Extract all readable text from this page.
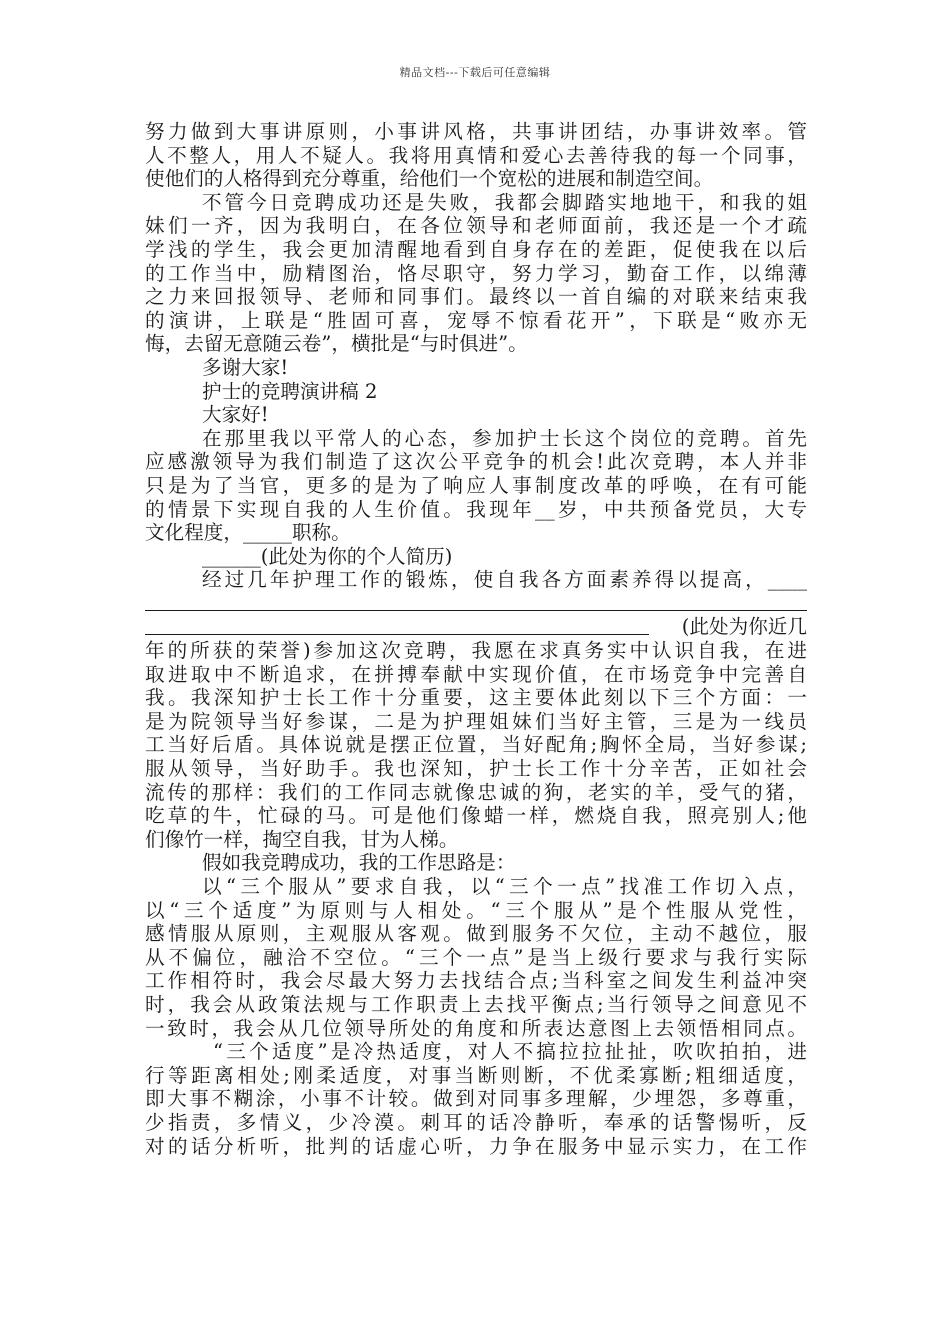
精品文档---下载后可任意编辑
努力做到大事讲原则，小事讲风格，共事讲团结，办事讲效率。管
人不整人，用人不疑人。我将用真情和爱心去善待我的每一个同事，
使他们的人格得到充分尊重，给他们一个宽松的进展和制造空间。
不管今日竞聘成功还是失败，我都会脚踏实地地干，和我的姐
妹们一齐，因为我明白，在各位领导和老师面前，我还是一个才疏
学浅的学生，我会更加清醒地看到自身存在的差距，促使我在以后
的工作当中，励精图治，恪尽职守，努力学习，勤奋工作，以绵薄
之力来回报领导、老师和同事们。最终以一首自编的对联来结束我
的演讲，上联是“胜固可喜，宠辱不惊看花开”，下联是“败亦无
悔，去留无意随云卷”，横批是“与时俱进”。
多谢大家!
护士的竞聘演讲稿 2
大家好!
在那里我以平常人的心态，参加护士长这个岗位的竞聘。首先
应感激领导为我们制造了这次公平竞争的机会!此次竞聘，本人并非
只是为了当官，更多的是为了响应人事制度改革的呼唤，在有可能
的情景下实现自我的人生价值。我现年__岁，中共预备党员，大专
文化程度，_____职称。
______(此处为你的个人简历)
经过几年护理工作的锻炼，使自我各方面素养得以提高，____
(此处为你近几
年的所获的荣誉)参加这次竞聘，我愿在求真务实中认识自我，在进
取进取中不断追求，在拼搏奉献中实现价值，在市场竞争中完善自
我。我深知护士长工作十分重要，这主要体此刻以下三个方面：一
是为院领导当好参谋，二是为护理姐妹们当好主管，三是为一线员
工当好后盾。具体说就是摆正位置，当好配角;胸怀全局，当好参谋;
服从领导，当好助手。我也深知，护士长工作十分辛苦，正如社会
流传的那样：我们的工作同志就像忠诚的狗，老实的羊，受气的猪，
吃草的牛，忙碌的马。可是他们像蜡一样，燃烧自我，照亮别人;他
们像竹一样，掏空自我，甘为人梯。
假如我竞聘成功，我的工作思路是：
以“三个服从”要求自我，以“三个一点”找准工作切入点，
以“三个适度”为原则与人相处。“三个服从”是个性服从党性，
感情服从原则，主观服从客观。做到服务不欠位，主动不越位，服
从不偏位，融洽不空位。“三个一点”是当上级行要求与我行实际
工作相符时，我会尽最大努力去找结合点;当科室之间发生利益冲突
时，我会从政策法规与工作职责上去找平衡点;当行领导之间意见不
一致时，我会从几位领导所处的角度和所表达意图上去领悟相同点。
“三个适度”是冷热适度，对人不搞拉拉扯扯，吹吹拍拍，进
行等距离相处;刚柔适度，对事当断则断，不优柔寡断;粗细适度，
即大事不糊涂，小事不计较。做到对同事多理解，少埋怨，多尊重，
少指责，多情义，少冷漠。刺耳的话冷静听，奉承的话警惕听，反
对的话分析听，批判的话虚心听，力争在服务中显示实力，在工作
